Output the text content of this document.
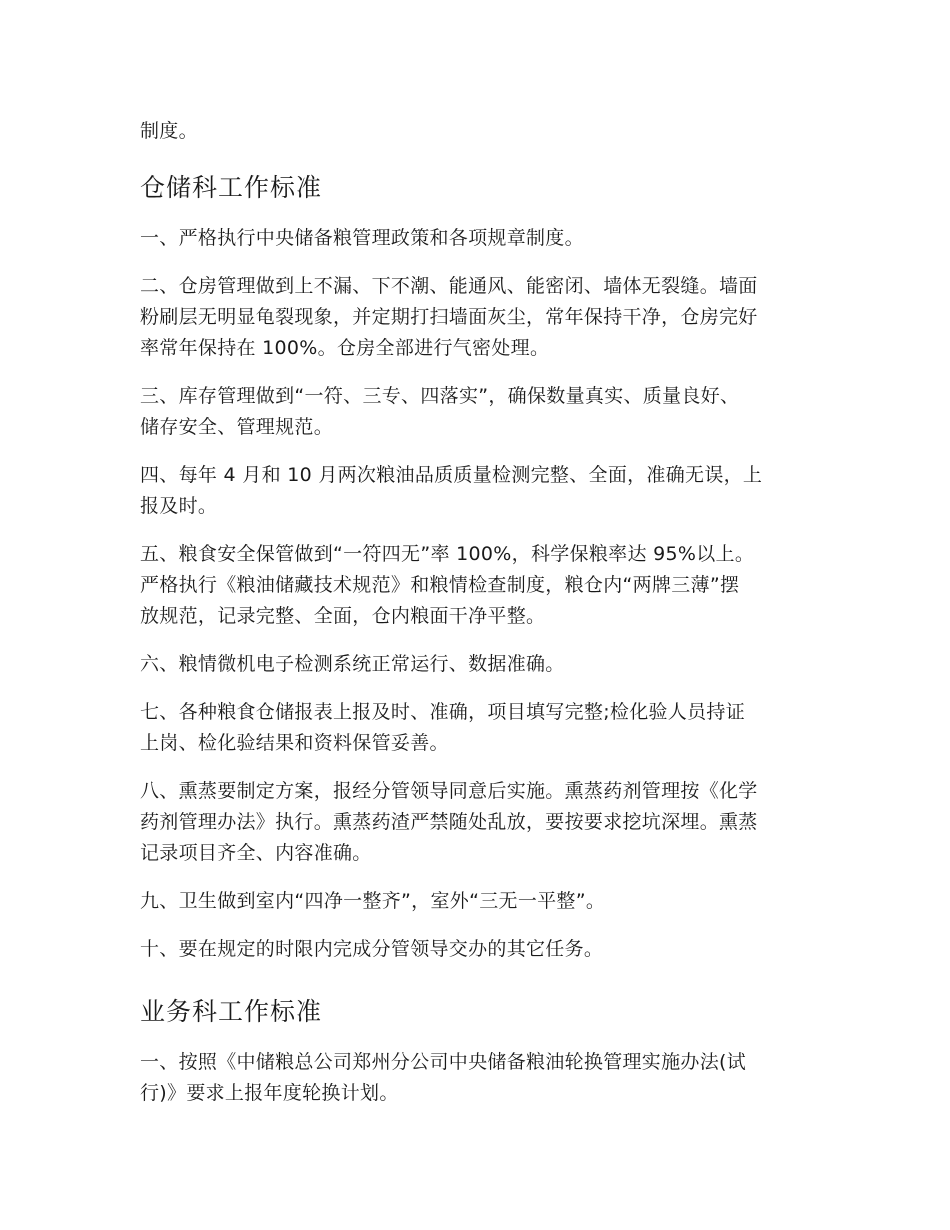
制度。

仓储科工作标准

一、严格执行中央储备粮管理政策和各项规章制度。

二、仓房管理做到上不漏、下不潮、能通风、能密闭、墙体无裂缝。墙面
粉刷层无明显龟裂现象，并定期打扫墙面灰尘，常年保持干净，仓房完好
率常年保持在 100%。仓房全部进行气密处理。

三、库存管理做到“一符、三专、四落实”，确保数量真实、质量良好、
储存安全、管理规范。

四、每年 4 月和 10 月两次粮油品质质量检测完整、全面，准确无误，上
报及时。

五、粮食安全保管做到“一符四无”率 100%，科学保粮率达 95%以上。
严格执行《粮油储藏技术规范》和粮情检查制度，粮仓内“两牌三薄”摆
放规范，记录完整、全面，仓内粮面干净平整。

六、粮情微机电子检测系统正常运行、数据准确。

七、各种粮食仓储报表上报及时、准确，项目填写完整;检化验人员持证
上岗、检化验结果和资料保管妥善。

八、熏蒸要制定方案，报经分管领导同意后实施。熏蒸药剂管理按《化学
药剂管理办法》执行。熏蒸药渣严禁随处乱放，要按要求挖坑深埋。熏蒸
记录项目齐全、内容准确。

九、卫生做到室内“四净一整齐”，室外“三无一平整”。

十、要在规定的时限内完成分管领导交办的其它任务。

业务科工作标准

一、按照《中储粮总公司郑州分公司中央储备粮油轮换管理实施办法(试
行)》要求上报年度轮换计划。
